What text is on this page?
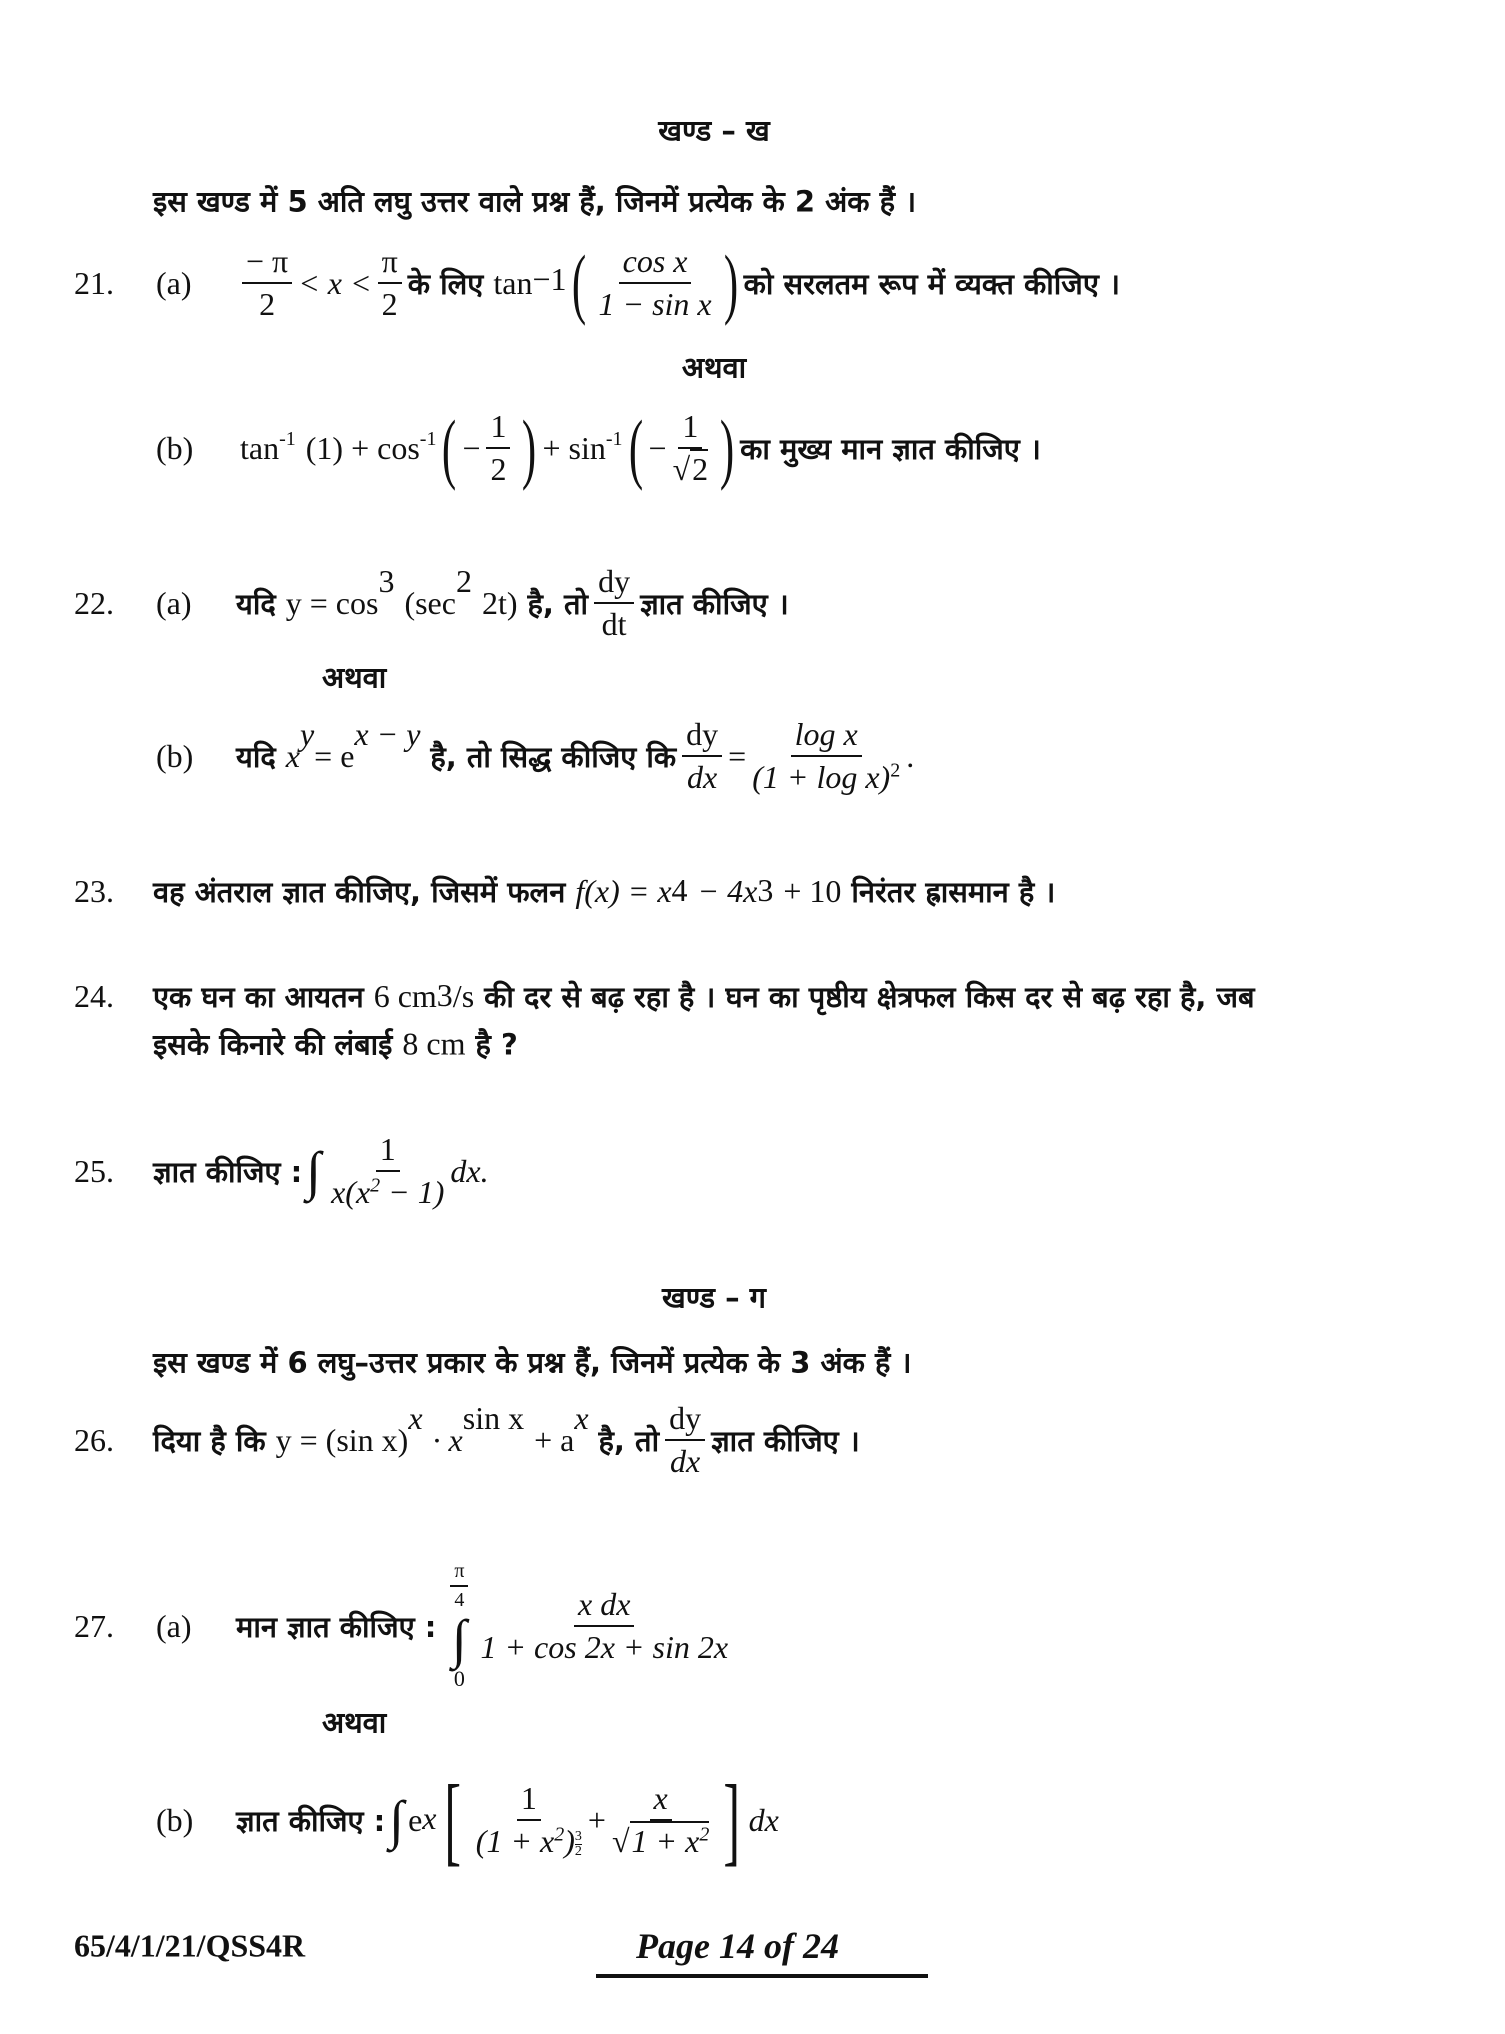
खण्ड – ख
इस खण्ड में 5 अति लघु उत्तर वाले प्रश्न हैं, जिनमें प्रत्येक के 2 अंक हैं ।
21. $(a) \frac{- \pi}{2} < x < \frac{\pi}{2}$ के लिए tan −1 ( $\frac{\text{cos x}}{\text{1 − sin x}}$ ) को सरलतम रूप में व्यक्त कीजिए ।
अथवा
(b) $\tan^{-1} (1) + \cos^{-1}$ ( − $\frac{1}{2}$ ) + $\sin^{-1}$ ( − $\frac{1}{√2}$ ) का मुख्य मान ज्ञात कीजिए ।
22. (a) यदि y = cos
3
(sec
2
2t) है, तो $\frac{dy}{dt}$ ज्ञात कीजिए ।
अथवा
(b) यदि x
y
= e
x − y
है, तो सिद्ध कीजिए कि $\frac{dy}{dx} = \frac{\text{log x}}{(1 + \log x)^2}$ .
23. वह अंतराल ज्ञात कीजिए, जिसमें फलन f(x) = x 4 − 4x 3 + 10 निरंतर ह्रासमान है ।
24. एक घन का आयतन 6 cm 3 /s की दर से बढ़ रहा है । घन का पृष्ठीय क्षेत्रफल किस दर से बढ़ रहा है, जब
इसके किनारे की लंबाई 8 cm है ?
25. ज्ञात कीजिए : ∫ $\frac{1}{x(x^2 - 1)}$ dx.
खण्ड – ग
इस खण्ड में 6 लघु–उत्तर प्रकार के प्रश्न हैं, जिनमें प्रत्येक के 3 अंक हैं ।
26. दिया है कि y = (sin x)
x
· x
sin x
+ a
x
है, तो $\frac{dy}{dx}$ ज्ञात कीजिए ।
27. (a) मान ज्ञात कीजिए :
$\frac{\pi}{4}$
∫
0
$\frac{\text{x dx}}{1 + \cos 2x + \sin 2x}$
अथवा
(b) ज्ञात कीजिए : ∫ e x [ 1
$(1 + x^2)$ $^{\frac{3}{2}} + \frac{x}{√1 + x^2}$ ] dx
65/4/1/21/QSS4R	Page 14 of 24
